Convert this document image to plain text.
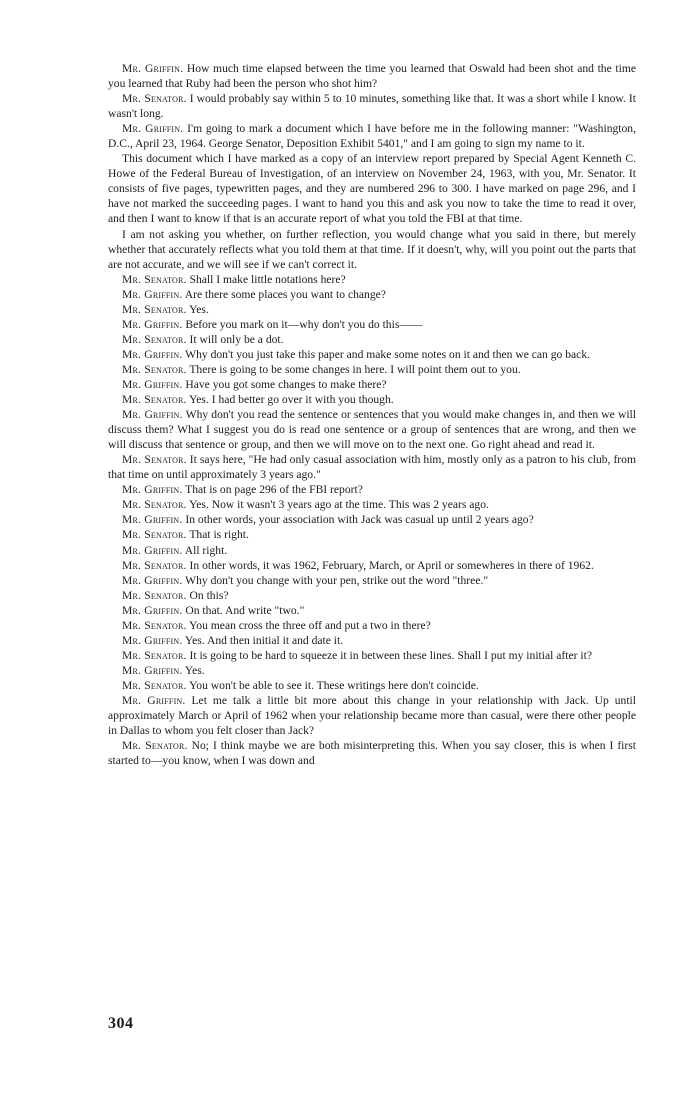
Mr. Griffin. How much time elapsed between the time you learned that Oswald had been shot and the time you learned that Ruby had been the person who shot him?

Mr. Senator. I would probably say within 5 to 10 minutes, something like that. It was a short while I know. It wasn't long.

Mr. Griffin. I'm going to mark a document which I have before me in the following manner: "Washington, D.C., April 23, 1964. George Senator, Deposition Exhibit 5401," and I am going to sign my name to it.

This document which I have marked as a copy of an interview report prepared by Special Agent Kenneth C. Howe of the Federal Bureau of Investigation, of an interview on November 24, 1963, with you, Mr. Senator. It consists of five pages, typewritten pages, and they are numbered 296 to 300. I have marked on page 296, and I have not marked the succeeding pages. I want to hand you this and ask you now to take the time to read it over, and then I want to know if that is an accurate report of what you told the FBI at that time.

I am not asking you whether, on further reflection, you would change what you said in there, but merely whether that accurately reflects what you told them at that time. If it doesn't, why, will you point out the parts that are not accurate, and we will see if we can't correct it.

Mr. Senator. Shall I make little notations here?

Mr. Griffin. Are there some places you want to change?

Mr. Senator. Yes.

Mr. Griffin. Before you mark on it—why don't you do this——

Mr. Senator. It will only be a dot.

Mr. Griffin. Why don't you just take this paper and make some notes on it and then we can go back.

Mr. Senator. There is going to be some changes in here. I will point them out to you.

Mr. Griffin. Have you got some changes to make there?

Mr. Senator. Yes. I had better go over it with you though.

Mr. Griffin. Why don't you read the sentence or sentences that you would make changes in, and then we will discuss them? What I suggest you do is read one sentence or a group of sentences that are wrong, and then we will discuss that sentence or group, and then we will move on to the next one. Go right ahead and read it.

Mr. Senator. It says here, "He had only casual association with him, mostly only as a patron to his club, from that time on until approximately 3 years ago."

Mr. Griffin. That is on page 296 of the FBI report?

Mr. Senator. Yes. Now it wasn't 3 years ago at the time. This was 2 years ago.

Mr. Griffin. In other words, your association with Jack was casual up until 2 years ago?

Mr. Senator. That is right.

Mr. Griffin. All right.

Mr. Senator. In other words, it was 1962, February, March, or April or somewheres in there of 1962.

Mr. Griffin. Why don't you change with your pen, strike out the word "three."

Mr. Senator. On this?

Mr. Griffin. On that. And write "two."

Mr. Senator. You mean cross the three off and put a two in there?

Mr. Griffin. Yes. And then initial it and date it.

Mr. Senator. It is going to be hard to squeeze it in between these lines. Shall I put my initial after it?

Mr. Griffin. Yes.

Mr. Senator. You won't be able to see it. These writings here don't coincide.

Mr. Griffin. Let me talk a little bit more about this change in your relationship with Jack. Up until approximately March or April of 1962 when your relationship became more than casual, were there other people in Dallas to whom you felt closer than Jack?

Mr. Senator. No; I think maybe we are both misinterpreting this. When you say closer, this is when I first started to—you know, when I was down and

304
